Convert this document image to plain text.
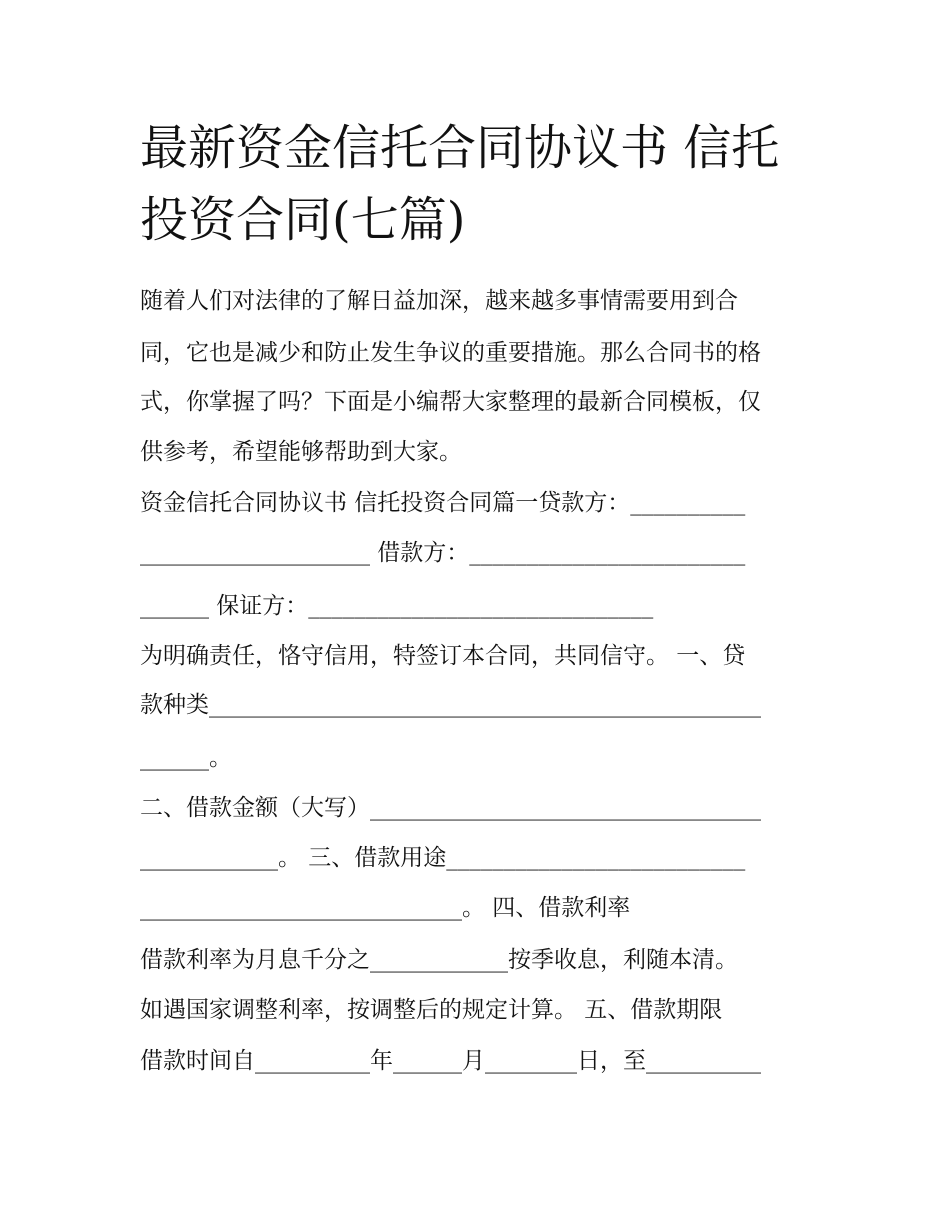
最新资金信托合同协议书 信托
投资合同(七篇)
随着人们对法律的了解日益加深，越来越多事情需要用到合
同，它也是减少和防止发生争议的重要措施。那么合同书的格
式，你掌握了吗？下面是小编帮大家整理的最新合同模板，仅
供参考，希望能够帮助到大家。
资金信托合同协议书 信托投资合同篇一贷款方：__________
____________________ 借款方：________________________
______ 保证方：______________________________
为明确责任，恪守信用，特签订本合同，共同信守。 一、贷
款种类________________________________________________
______。
二、借款金额（大写）__________________________________
____________。 三、借款用途__________________________
____________________________。 四、借款利率
借款利率为月息千分之____________按季收息，利随本清。
如遇国家调整利率，按调整后的规定计算。 五、借款期限
借款时间自__________年______月________日，至__________
